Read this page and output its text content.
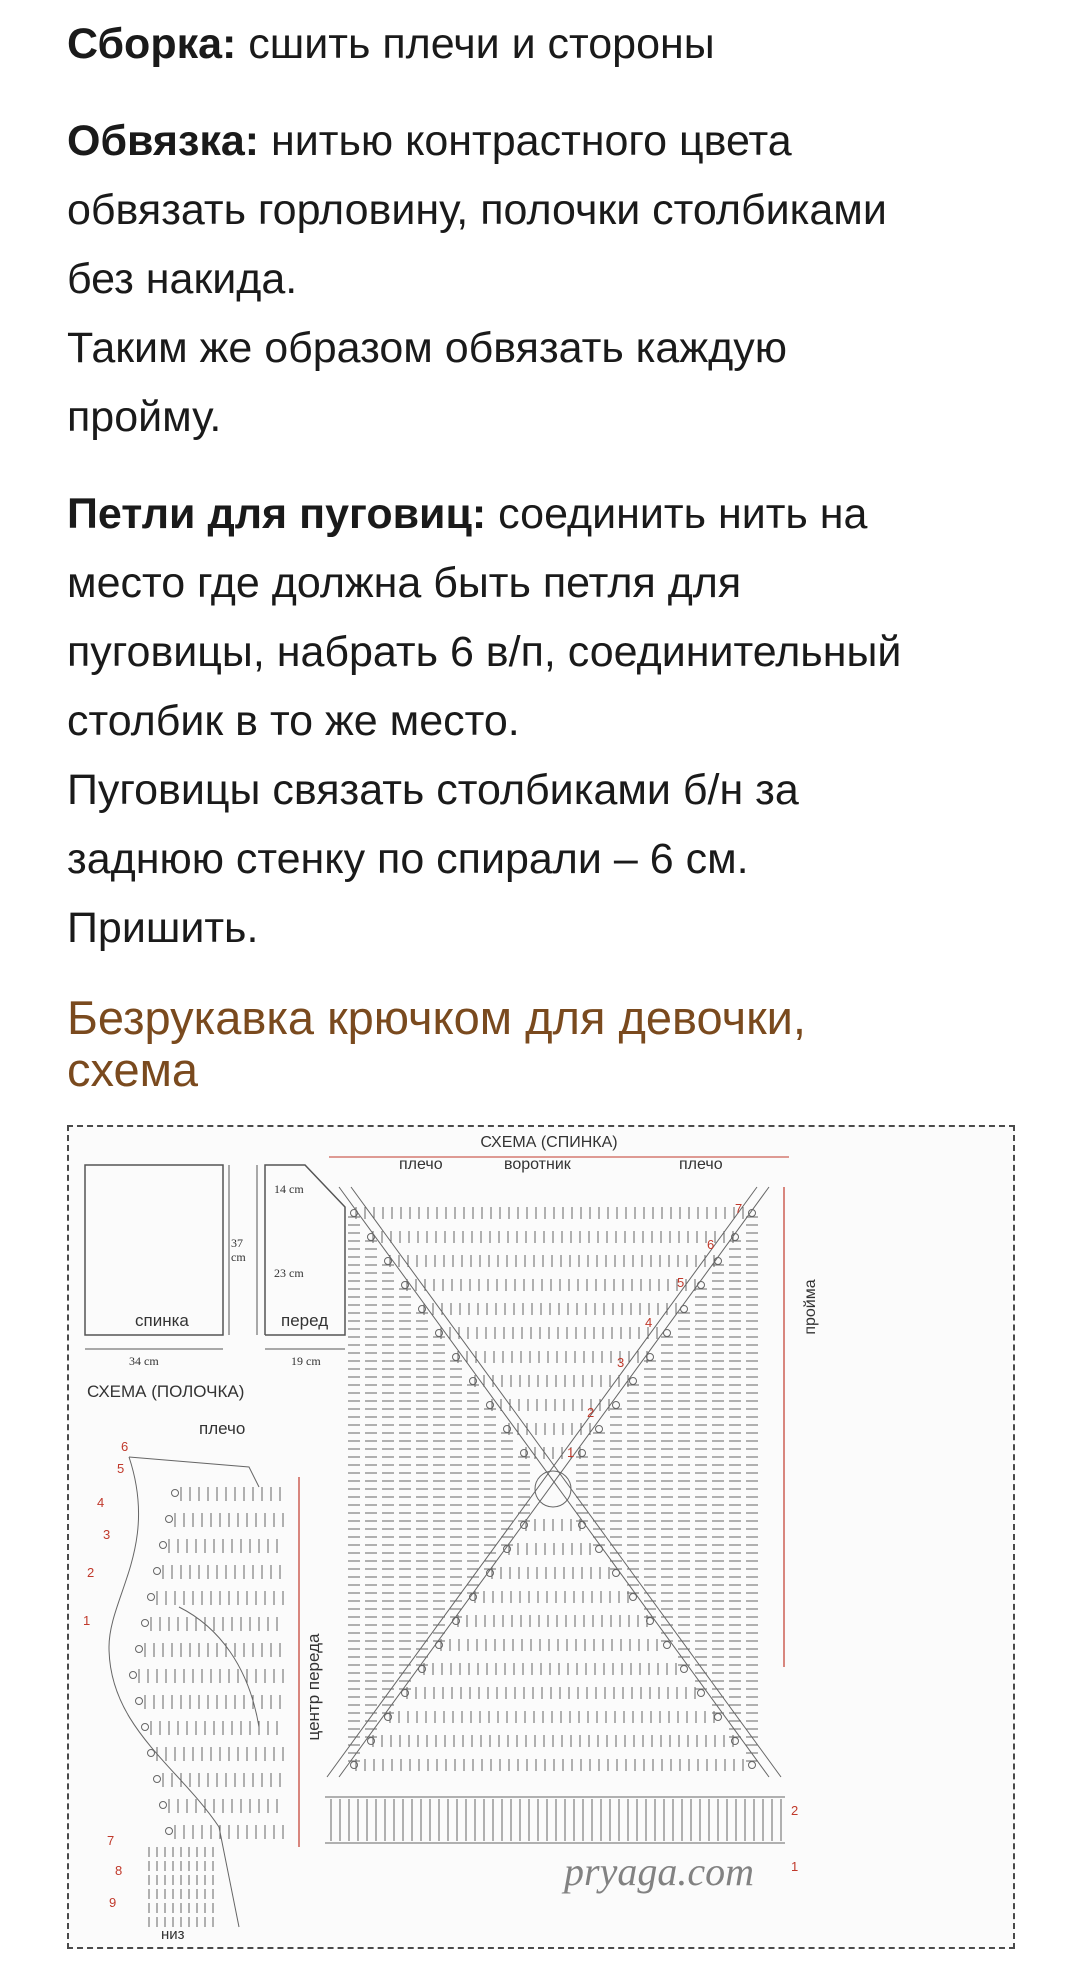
Сборка: сшить плечи и стороны

Обвязка: нитью контрастного цвета
обвязать горловину, полочки столбиками
без накида.
Таким же образом обвязать каждую
пройму.

Петли для пуговиц: соединить нить на
место где должна быть петля для
пуговицы, набрать 6 в/п, соединительный
столбик в то же место.
Пуговицы связать столбиками б/н за
заднюю стенку по спирали – 6 см.
Пришить.

Безрукавка крючком для девочки,
схема
спинка
34 cm
37
cm
14 cm
23 cm
перед
19 cm
СХЕМА (ПОЛОЧКА)
плечо
центр переда
низ
6
5
4
3
2
1
7
8
9
СХЕМА (СПИНКА)
плечо	воротник	плечо
пройма
1
2
3
4
5
6
7
2
1
pryaga.com
